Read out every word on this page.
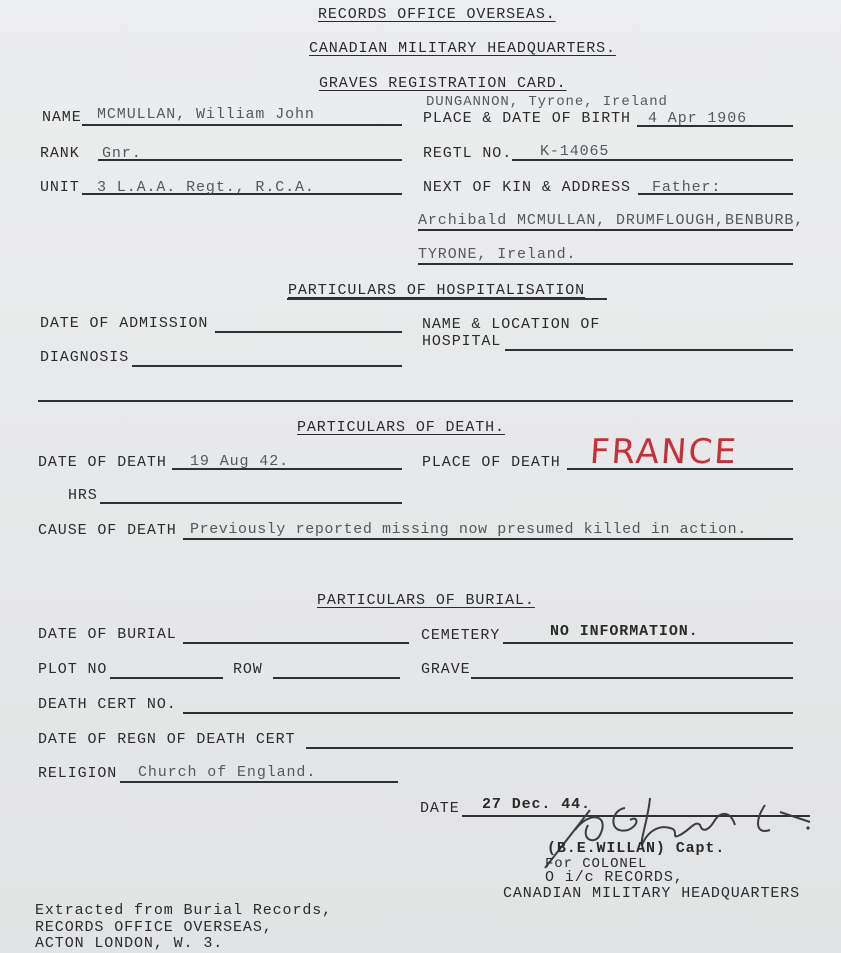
RECORDS OFFICE OVERSEAS.
CANADIAN MILITARY HEADQUARTERS.
GRAVES REGISTRATION CARD.
NAME MCMULLAN, William John
DUNGANNON, Tyrone, Ireland
PLACE & DATE OF BIRTH 4 Apr 1906
RANK Gnr.	REGTL NO. K-14065
UNIT 3 L.A.A. Regt., R.C.A.	NEXT OF KIN & ADDRESS Father:
Archibald MCMULLAN, DRUMFLOUGH,BENBURB,
TYRONE, Ireland.
PARTICULARS OF HOSPITALISATION
DATE OF ADMISSION	NAME & LOCATION OF
HOSPITAL
DIAGNOSIS
PARTICULARS OF DEATH.
DATE OF DEATH 19 Aug 42.	PLACE OF DEATH FRANCE
HRS
CAUSE OF DEATH Previously reported missing now presumed killed in action.
PARTICULARS OF BURIAL.
DATE OF BURIAL	CEMETERY	NO INFORMATION.
PLOT NO	ROW	GRAVE
DEATH CERT NO.
DATE OF REGN OF DEATH CERT
RELIGION Church of England.
DATE 27 Dec. 44.
(B.E.WILLAN) Capt.
For COLONEL
O i/c RECORDS,
CANADIAN MILITARY HEADQUARTERS
Extracted from Burial Records,
RECORDS OFFICE OVERSEAS,
ACTON LONDON, W. 3.
